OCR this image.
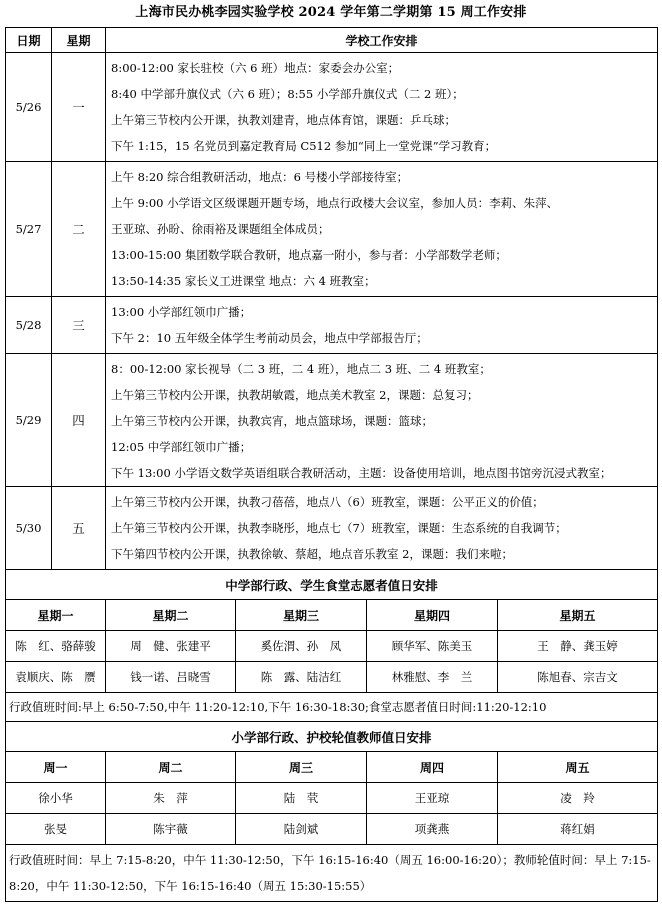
上海市民办桃李园实验学校 2024 学年第二学期第 15 周工作安排
日期	星期	学校工作安排			
5/26	一	8:00-12:00 家长驻校（六 6 班）地点：家委会办公室；
8:40 中学部升旗仪式（六 6 班）；8:55 小学部升旗仪式（二 2 班）；
上午第三节校内公开课，执教刘建青，地点体育馆，课题：乒乓球；
下午 1:15，15 名党员到嘉定教育局 C512 参加“同上一堂党课”学习教育；			

5/27	二	上午 8:20 综合组教研活动，地点：6 号楼小学部接待室；
上午 9:00 小学语文区级课题开题专场，地点行政楼大会议室，参加人员：李莉、朱萍、
王亚琼、孙昐、徐雨裕及课题组全体成员；
13:00-15:00 集团数学联合教研，地点嘉一附小，参与者：小学部数学老师；
13:50-14:35 家长义工进课堂 地点：六 4 班教室；			

5/28	三	13:00 小学部红领巾广播；
下午 2：10 五年级全体学生考前动员会，地点中学部报告厅；			

5/29	四	8：00-12:00 家长视导（二 3 班，二 4 班），地点二 3 班、二 4 班教室；
上午第三节校内公开课，执教胡敏霞，地点美术教室 2，课题：总复习；
上午第三节校内公开课，执教宾宵，地点篮球场，课题：篮球；
12:05 中学部红领巾广播；
下午 13:00 小学语文数学英语组联合教研活动，主题：设备使用培训，地点图书馆旁沉浸式教室；			

5/30	五	上午第三节校内公开课，执教刁蓓蓓，地点八（6）班教室，课题：公平正义的价值；
上午第三节校内公开课，执教李晓彤，地点七（7）班教室，课题：生态系统的自我调节；
下午第四节校内公开课，执教徐敏、蔡超，地点音乐教室 2，课题：我们来啦；			

中学部行政、学生食堂志愿者值日安排					
星期一		星期二	星期三	星期四	星期五
陈　红、骆薛骏		周　健、张建平	奚佐渭、孙　凤	顾华军、陈美玉	王　静、龚玉婷
袁顺庆、陈　赝		钱一诺、吕晓雪	陈　露、陆洁红	林雅慰、李　兰	陈旭春、宗吉文
行政值班时间:早上 6:50-7:50,中午 11:20-12:10,下午 16:30-18:30;食堂志愿者值日时间:11:20-12:10					
小学部行政、护校轮值教师值日安排					
周一		周二	周三	周四	周五
徐小华		朱　萍	陆　茕	王亚琼	凌　羚
张旻		陈宇薇	陆剑斌	项龚燕	蒋红娟
行政值班时间：早上 7:15-8:20，中午 11:30-12:50，下午 16:15-16:40（周五 16:00-16:20）；教师轮值时间：早上 7:15-8:20，中午 11:30-12:50，下午 16:15-16:40（周五 15:30-15:55）					
